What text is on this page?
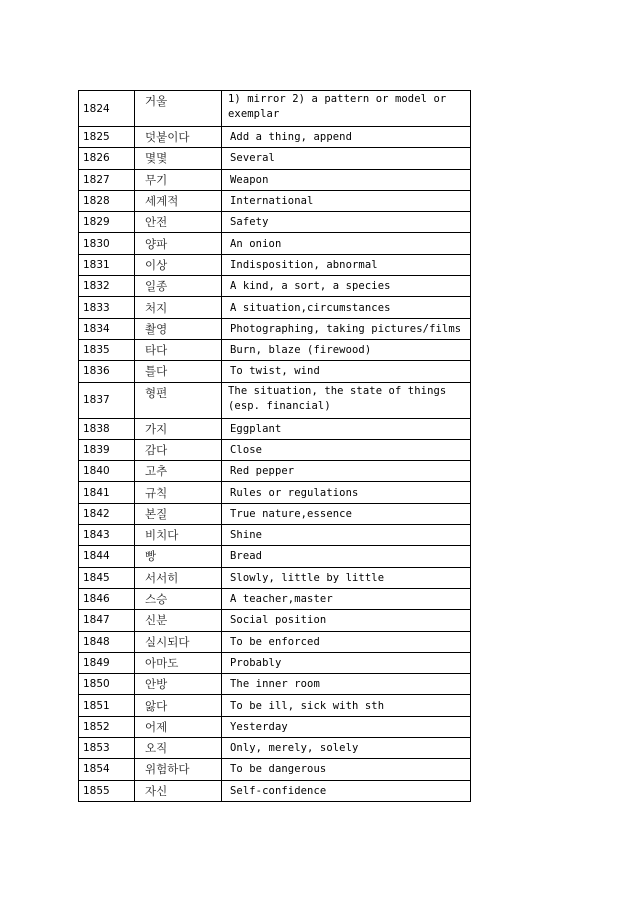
1824	거울	1) mirror 2) a pattern or model or exemplar
1825	덧붙이다	Add a thing, append
1826	몇몇	Several
1827	무기	Weapon
1828	세계적	International
1829	안전	Safety
1830	양파	An onion
1831	이상	Indisposition, abnormal
1832	일종	A kind, a sort, a species
1833	처지	A situation,circumstances
1834	촬영	Photographing, taking pictures/films
1835	타다	Burn, blaze (firewood)
1836	틀다	To twist, wind
1837	형편	The situation, the state of things (esp. financial)
1838	가지	Eggplant
1839	감다	Close
1840	고추	Red pepper
1841	규칙	Rules or regulations
1842	본질	True nature,essence
1843	비치다	Shine
1844	빵	Bread
1845	서서히	Slowly, little by little
1846	스승	A teacher,master
1847	신분	Social position
1848	실시되다	To be enforced
1849	아마도	Probably
1850	안방	The inner room
1851	앓다	To be ill, sick with sth
1852	어제	Yesterday
1853	오직	Only, merely, solely
1854	위험하다	To be dangerous
1855	자신	Self-confidence
